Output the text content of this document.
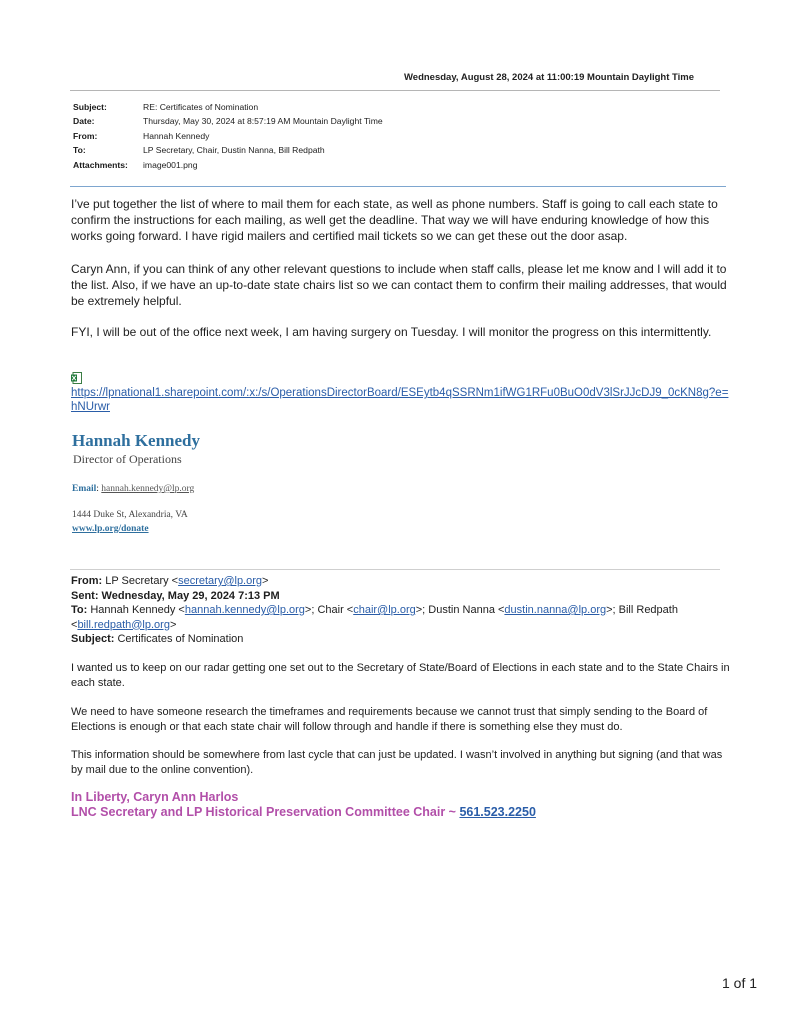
Wednesday, August 28, 2024 at 11:00:19 Mountain Daylight Time
Subject:	RE: Certificates of Nomination
Date:	Thursday, May 30, 2024 at 8:57:19 AM Mountain Daylight Time
From:	Hannah Kennedy
To:	LP Secretary, Chair, Dustin Nanna, Bill Redpath
Attachments:	image001.png
I’ve put together the list of where to mail them for each state, as well as phone numbers. Staff is going to call each state to confirm the instructions for each mailing, as well get the deadline. That way we will have enduring knowledge of how this works going forward. I have rigid mailers and certified mail tickets so we can get these out the door asap.
Caryn Ann, if you can think of any other relevant questions to include when staff calls, please let me know and I will add it to the list. Also, if we have an up-to-date state chairs list so we can contact them to confirm their mailing addresses, that would be extremely helpful.
FYI, I will be out of the office next week, I am having surgery on Tuesday. I will monitor the progress on this intermittently.
https://lpnational1.sharepoint.com/:x:/s/OperationsDirectorBoard/ESEytb4qSSRNm1ifWG1RFu0BuO0dV3lSrJJcDJ9_0cKN8g?e=hNUrwr
Hannah Kennedy
Director of Operations
Email: hannah.kennedy@lp.org
1444 Duke St, Alexandria, VA
www.lp.org/donate
From: LP Secretary <secretary@lp.org>
Sent: Wednesday, May 29, 2024 7:13 PM
To: Hannah Kennedy <hannah.kennedy@lp.org>; Chair <chair@lp.org>; Dustin Nanna <dustin.nanna@lp.org>; Bill Redpath <bill.redpath@lp.org>
Subject: Certificates of Nomination
I wanted us to keep on our radar getting one set out to the Secretary of State/Board of Elections in each state and to the State Chairs in each state.
We need to have someone research the timeframes and requirements because we cannot trust that simply sending to the Board of Elections is enough or that each state chair will follow through and handle if there is something else they must do.
This information should be somewhere from last cycle that can just be updated. I wasn’t involved in anything but signing (and that was by mail due to the online convention).
In Liberty, Caryn Ann Harlos
LNC Secretary and LP Historical Preservation Committee Chair ~ 561.523.2250
1 of 1
